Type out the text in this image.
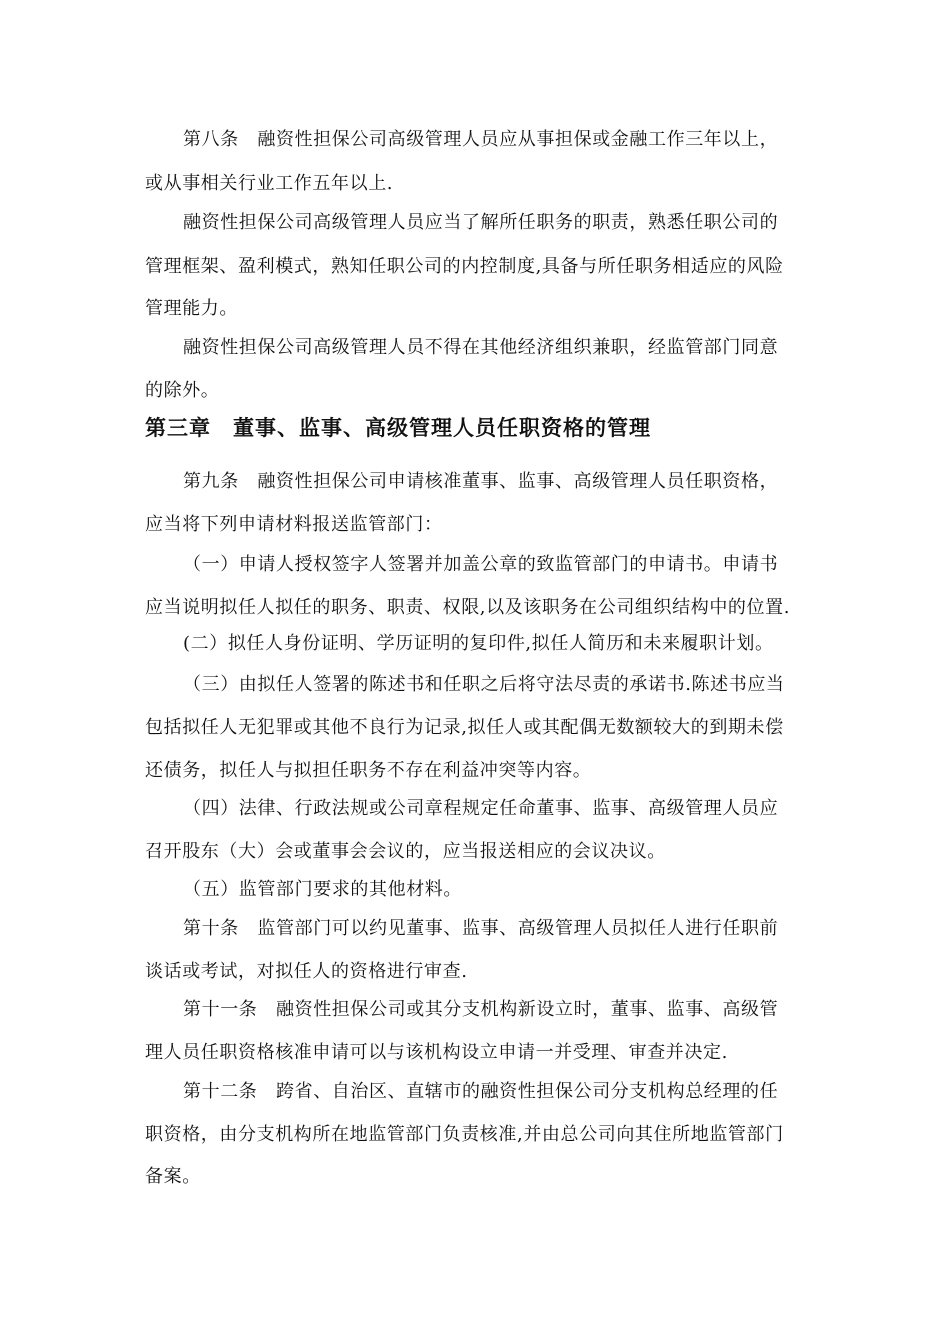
第八条　融资性担保公司高级管理人员应从事担保或金融工作三年以上，
或从事相关行业工作五年以上.
融资性担保公司高级管理人员应当了解所任职务的职责，熟悉任职公司的
管理框架、盈利模式，熟知任职公司的内控制度,具备与所任职务相适应的风险
管理能力。
融资性担保公司高级管理人员不得在其他经济组织兼职，经监管部门同意
的除外。
第三章　董事、监事、高级管理人员任职资格的管理
第九条　融资性担保公司申请核准董事、监事、高级管理人员任职资格，
应当将下列申请材料报送监管部门：
（一）申请人授权签字人签署并加盖公章的致监管部门的申请书。申请书
应当说明拟任人拟任的职务、职责、权限,以及该职务在公司组织结构中的位置.
(二）拟任人身份证明、学历证明的复印件,拟任人简历和未来履职计划。
（三）由拟任人签署的陈述书和任职之后将守法尽责的承诺书.陈述书应当
包括拟任人无犯罪或其他不良行为记录,拟任人或其配偶无数额较大的到期未偿
还债务，拟任人与拟担任职务不存在利益冲突等内容。
（四）法律、行政法规或公司章程规定任命董事、监事、高级管理人员应
召开股东（大）会或董事会会议的，应当报送相应的会议决议。
（五）监管部门要求的其他材料。
第十条　监管部门可以约见董事、监事、高级管理人员拟任人进行任职前
谈话或考试，对拟任人的资格进行审查.
第十一条　融资性担保公司或其分支机构新设立时，董事、监事、高级管
理人员任职资格核准申请可以与该机构设立申请一并受理、审查并决定.
第十二条　跨省、自治区、直辖市的融资性担保公司分支机构总经理的任
职资格，由分支机构所在地监管部门负责核准,并由总公司向其住所地监管部门
备案。
